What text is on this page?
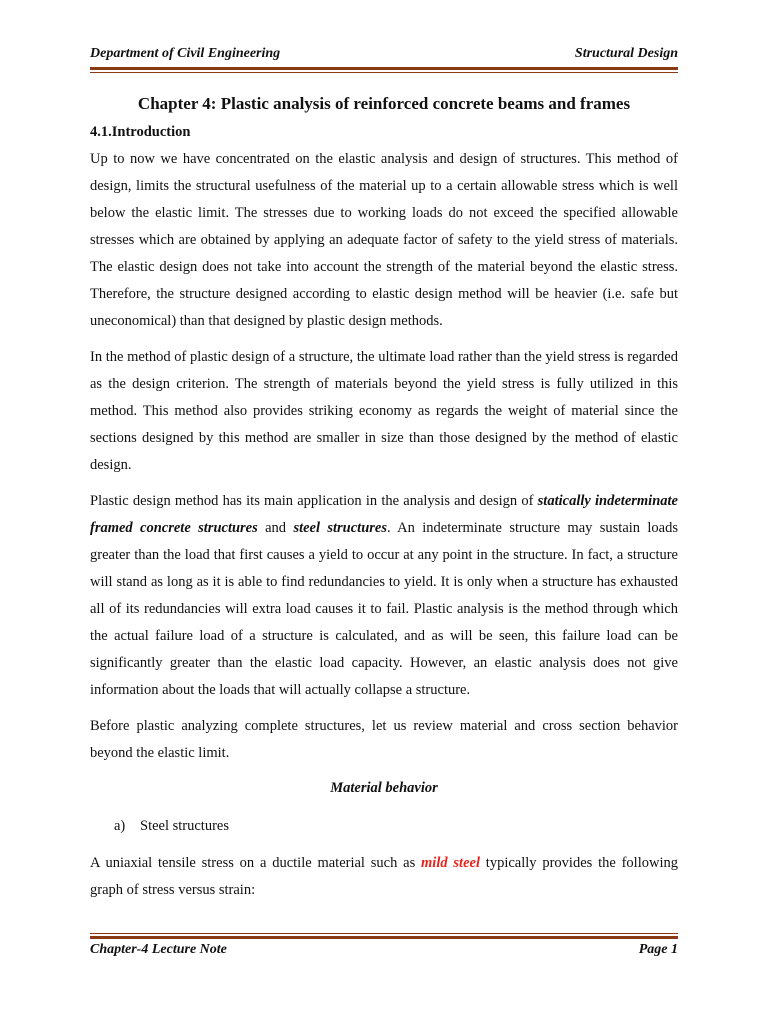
Department of Civil Engineering	Structural Design
Chapter 4: Plastic analysis of reinforced concrete beams and frames
4.1.Introduction

Up to now we have concentrated on the elastic analysis and design of structures. This method of design, limits the structural usefulness of the material up to a certain allowable stress which is well below the elastic limit. The stresses due to working loads do not exceed the specified allowable stresses which are obtained by applying an adequate factor of safety to the yield stress of materials. The elastic design does not take into account the strength of the material beyond the elastic stress. Therefore, the structure designed according to elastic design method will be heavier (i.e. safe but uneconomical) than that designed by plastic design methods.

In the method of plastic design of a structure, the ultimate load rather than the yield stress is regarded as the design criterion. The strength of materials beyond the yield stress is fully utilized in this method. This method also provides striking economy as regards the weight of material since the sections designed by this method are smaller in size than those designed by the method of elastic design.

Plastic design method has its main application in the analysis and design of statically indeterminate framed concrete structures and steel structures. An indeterminate structure may sustain loads greater than the load that first causes a yield to occur at any point in the structure. In fact, a structure will stand as long as it is able to find redundancies to yield. It is only when a structure has exhausted all of its redundancies will extra load causes it to fail. Plastic analysis is the method through which the actual failure load of a structure is calculated, and as will be seen, this failure load can be significantly greater than the elastic load capacity. However, an elastic analysis does not give information about the loads that will actually collapse a structure.

Before plastic analyzing complete structures, let us review material and cross section behavior beyond the elastic limit.

Material behavior

a) Steel structures

A uniaxial tensile stress on a ductile material such as mild steel typically provides the following graph of stress versus strain:

Chapter-4 Lecture Note	Page 1
